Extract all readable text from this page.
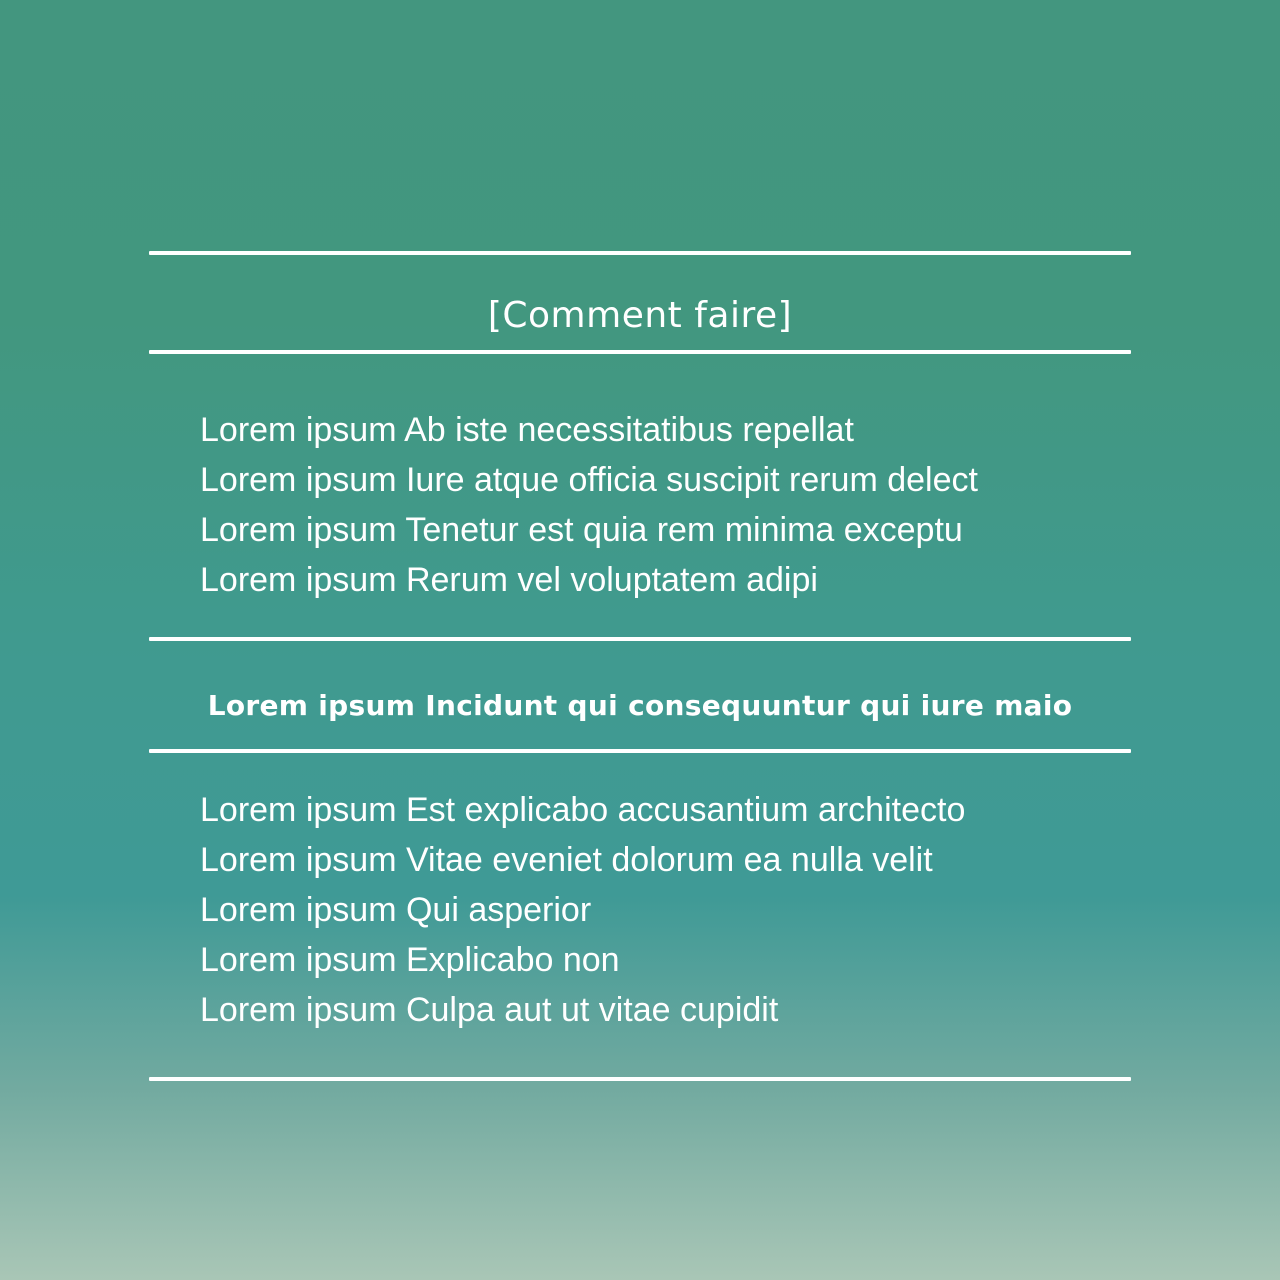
[Comment faire]
Lorem ipsum Ab iste necessitatibus repellat
Lorem ipsum Iure atque officia suscipit rerum delect
Lorem ipsum Tenetur est quia rem minima exceptu
Lorem ipsum Rerum vel voluptatem adipi
Lorem ipsum Incidunt qui consequuntur qui iure maio
Lorem ipsum Est explicabo accusantium architecto
Lorem ipsum Vitae eveniet dolorum ea nulla velit
Lorem ipsum Qui asperior
Lorem ipsum Explicabo non
Lorem ipsum Culpa aut ut vitae cupidit
